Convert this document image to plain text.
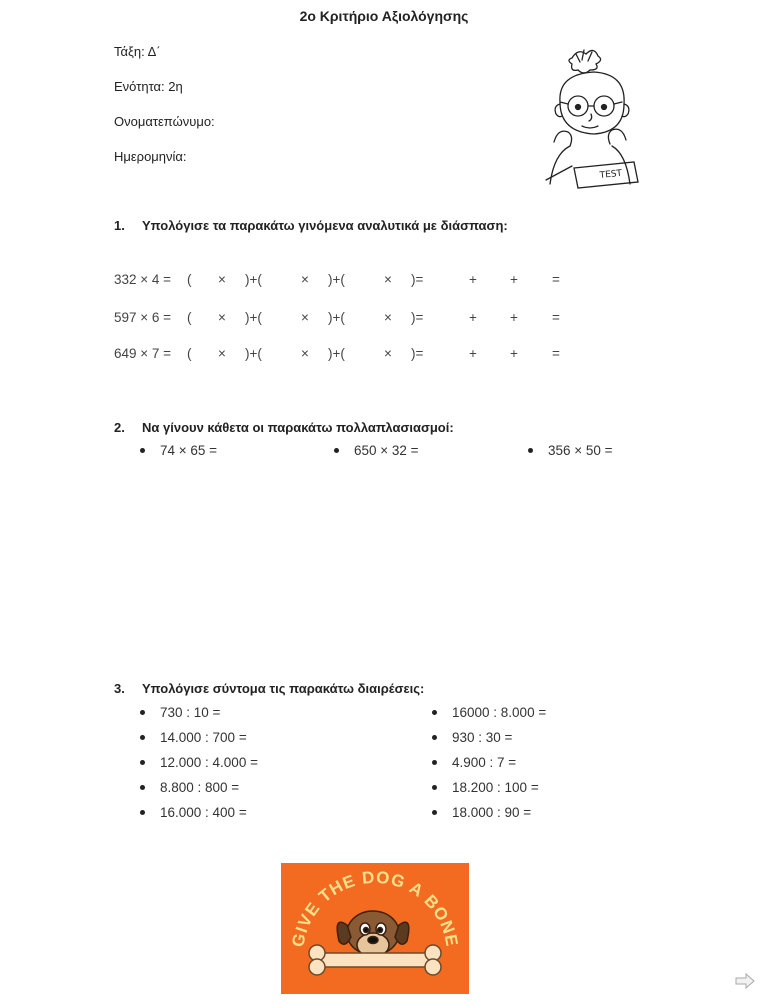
2ο Κριτήριο Αξιολόγησης
Τάξη: Δ΄
Ενότητα: 2η
Ονοματεπώνυμο:
Ημερομηνία:
TEST
1. Υπολόγισε τα παρακάτω γινόμενα αναλυτικά με διάσπαση:
332 × 4 = ( × )+(	× )+(	× )=	+ +	=
597 × 6 = ( × )+(	× )+(	× )=	+ +	=
649 × 7 = ( × )+(	× )+(	× )=	+ +	=
2. Να γίνουν κάθετα οι παρακάτω πολλαπλασιασμοί:
74 × 65 =	650 × 32 =	356 × 50 =
3. Υπολόγισε σύντομα τις παρακάτω διαιρέσεις:
730 : 10 =
14.000 : 700 =
12.000 : 4.000 =
8.800 : 800 =
16.000 : 400 =
16000 : 8.000 =
930 : 30 =
4.900 : 7 =
18.200 : 100 =
18.000 : 90 =
GIVE THE DOG A BONE
